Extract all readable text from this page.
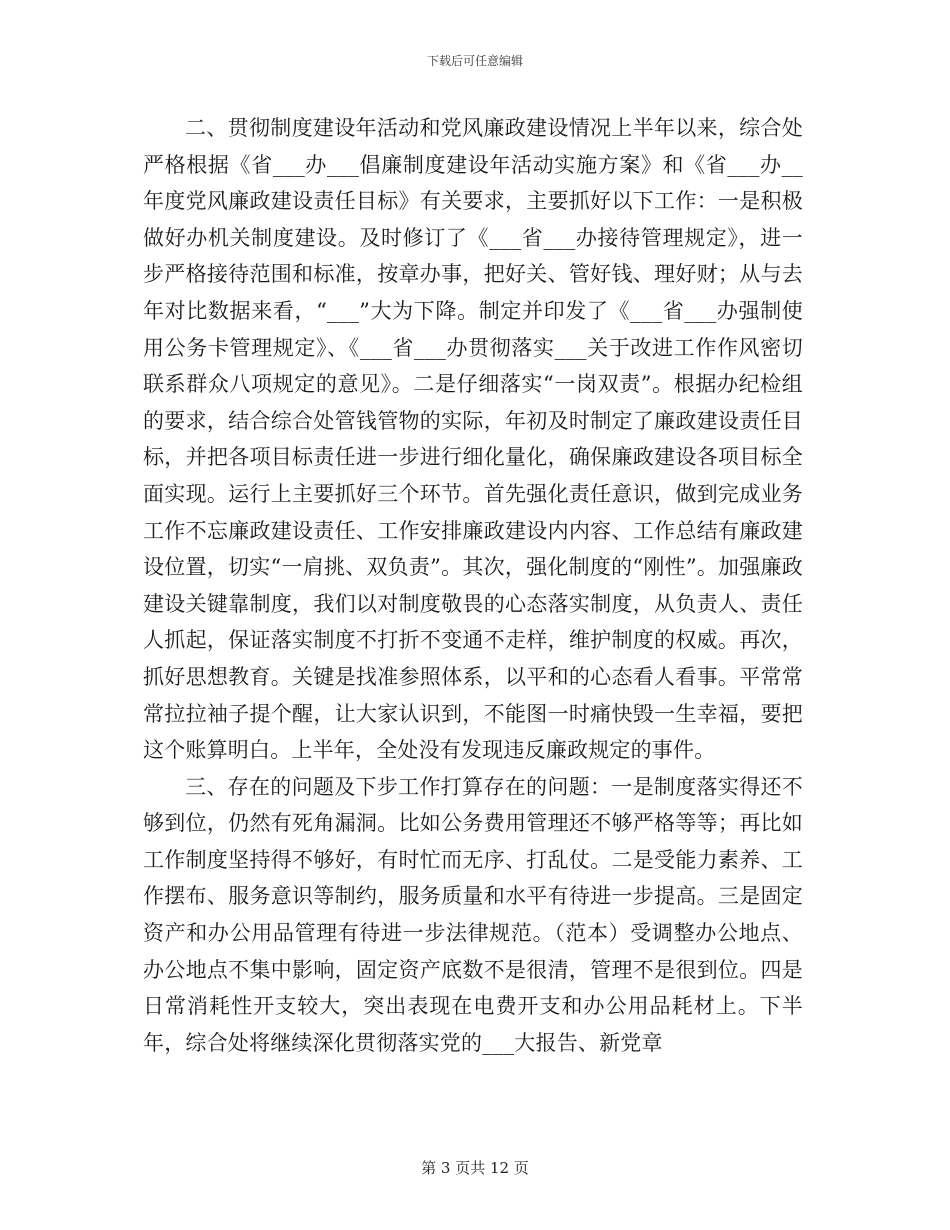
下载后可任意编辑

二、贯彻制度建设年活动和党风廉政建设情况上半年以来，综合处严格根据《省___办___倡廉制度建设年活动实施方案》和《省___办__年度党风廉政建设责任目标》有关要求，主要抓好以下工作：一是积极做好办机关制度建设。及时修订了《___省___办接待管理规定》，进一步严格接待范围和标准，按章办事，把好关、管好钱、理好财；从与去年对比数据来看，“___”大为下降。制定并印发了《___省___办强制使用公务卡管理规定》、《___省___办贯彻落实___关于改进工作作风密切联系群众八项规定的意见》。二是仔细落实“一岗双责”。根据办纪检组的要求，结合综合处管钱管物的实际，年初及时制定了廉政建设责任目标，并把各项目标责任进一步进行细化量化，确保廉政建设各项目标全面实现。运行上主要抓好三个环节。首先强化责任意识，做到完成业务工作不忘廉政建设责任、工作安排廉政建设内内容、工作总结有廉政建设位置，切实“一肩挑、双负责”。其次，强化制度的“刚性”。加强廉政建设关键靠制度，我们以对制度敬畏的心态落实制度，从负责人、责任人抓起，保证落实制度不打折不变通不走样，维护制度的权威。再次，抓好思想教育。关键是找准参照体系，以平和的心态看人看事。平常常常拉拉袖子提个醒，让大家认识到，不能图一时痛快毁一生幸福，要把这个账算明白。上半年，全处没有发现违反廉政规定的事件。

三、存在的问题及下步工作打算存在的问题：一是制度落实得还不够到位，仍然有死角漏洞。比如公务费用管理还不够严格等等；再比如工作制度坚持得不够好，有时忙而无序、打乱仗。二是受能力素养、工作摆布、服务意识等制约，服务质量和水平有待进一步提高。三是固定资产和办公用品管理有待进一步法律规范。（范本）受调整办公地点、办公地点不集中影响，固定资产底数不是很清，管理不是很到位。四是日常消耗性开支较大，突出表现在电费开支和办公用品耗材上。下半年，综合处将继续深化贯彻落实党的___大报告、新党章

第 3 页共 12 页
